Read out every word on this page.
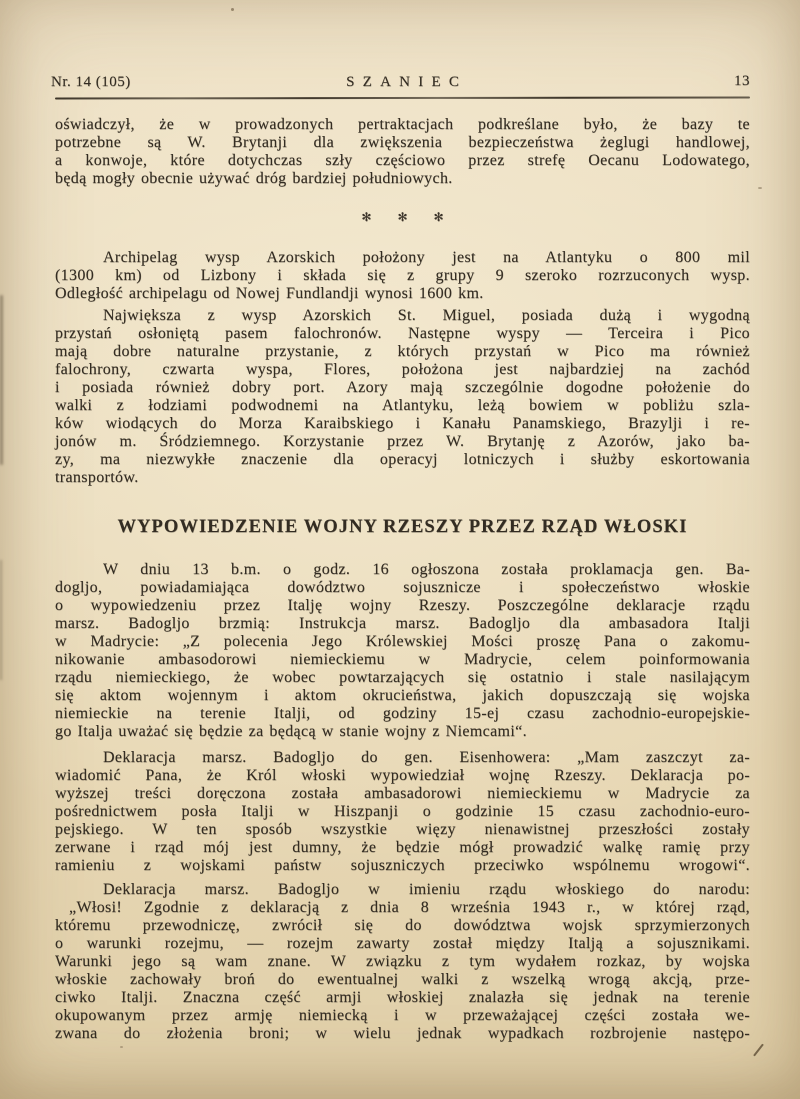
Nr. 14 (105)	SZANIEC	13
oświadczył, że w prowadzonych pertraktacjach podkreślane było, że bazy te
potrzebne są W. Brytanji dla zwiększenia bezpieczeństwa żeglugi handlowej,
a konwoje, które dotychczas szły częściowo przez strefę Oecanu Lodowatego,
będą mogły obecnie używać dróg bardziej południowych.
✻ ✻ ✻
Archipelag wysp Azorskich położony jest na Atlantyku o 800 mil
(1300 km) od Lizbony i składa się z grupy 9 szeroko rozrzuconych wysp.
Odległość archipelagu od Nowej Fundlandji wynosi 1600 km.
Największa z wysp Azorskich St. Miguel, posiada dużą i wygodną
przystań osłoniętą pasem falochronów. Następne wyspy — Terceira i Pico
mają dobre naturalne przystanie, z których przystań w Pico ma również
falochrony, czwarta wyspa, Flores, położona jest najbardziej na zachód
i posiada również dobry port. Azory mają szczególnie dogodne położenie do
walki z łodziami podwodnemi na Atlantyku, leżą bowiem w pobliżu szla-
ków wiodących do Morza Karaibskiego i Kanału Panamskiego, Brazylji i re-
jonów m. Śródziemnego. Korzystanie przez W. Brytanję z Azorów, jako ba-
zy, ma niezwykłe znaczenie dla operacyj lotniczych i służby eskortowania
transportów.
WYPOWIEDZENIE WOJNY RZESZY PRZEZ RZĄD WŁOSKI
W dniu 13 b.m. o godz. 16 ogłoszona została proklamacja gen. Ba-
dogljo, powiadamiająca dowództwo sojusznicze i społeczeństwo włoskie
o wypowiedzeniu przez Italję wojny Rzeszy. Poszczególne deklaracje rządu
marsz. Badogljo brzmią: Instrukcja marsz. Badogljo dla ambasadora Italji
w Madrycie: „Z polecenia Jego Królewskiej Mości proszę Pana o zakomu-
nikowanie ambasodorowi niemieckiemu w Madrycie, celem poinformowania
rządu niemieckiego, że wobec powtarzających się ostatnio i stale nasilającym
się aktom wojennym i aktom okrucieństwa, jakich dopuszczają się wojska
niemieckie na terenie Italji, od godziny 15-ej czasu zachodnio-europejskie-
go Italja uważać się będzie za będącą w stanie wojny z Niemcami“.
Deklaracja marsz. Badogljo do gen. Eisenhowera: „Mam zaszczyt za-
wiadomić Pana, że Król włoski wypowiedział wojnę Rzeszy. Deklaracja po-
wyższej treści doręczona została ambasadorowi niemieckiemu w Madrycie za
pośrednictwem posła Italji w Hiszpanji o godzinie 15 czasu zachodnio-euro-
pejskiego. W ten sposób wszystkie więzy nienawistnej przeszłości zostały
zerwane i rząd mój jest dumny, że będzie mógł prowadzić walkę ramię przy
ramieniu z wojskami państw sojuszniczych przeciwko wspólnemu wrogowi“.
Deklaracja marsz. Badogljo w imieniu rządu włoskiego do narodu:
„Włosi! Zgodnie z deklaracją z dnia 8 września 1943 r., w której rząd,
któremu przewodniczę, zwrócił się do dowództwa wojsk sprzymierzonych
o warunki rozejmu, — rozejm zawarty został między Italją a sojusznikami.
Warunki jego są wam znane. W związku z tym wydałem rozkaz, by wojska
włoskie zachowały broń do ewentualnej walki z wszelką wrogą akcją, prze-
ciwko Italji. Znaczna część armji włoskiej znalazła się jednak na terenie
okupowanym przez armję niemiecką i w przeważającej części została we-
zwana do złożenia broni; w wielu jednak wypadkach rozbrojenie następo-
